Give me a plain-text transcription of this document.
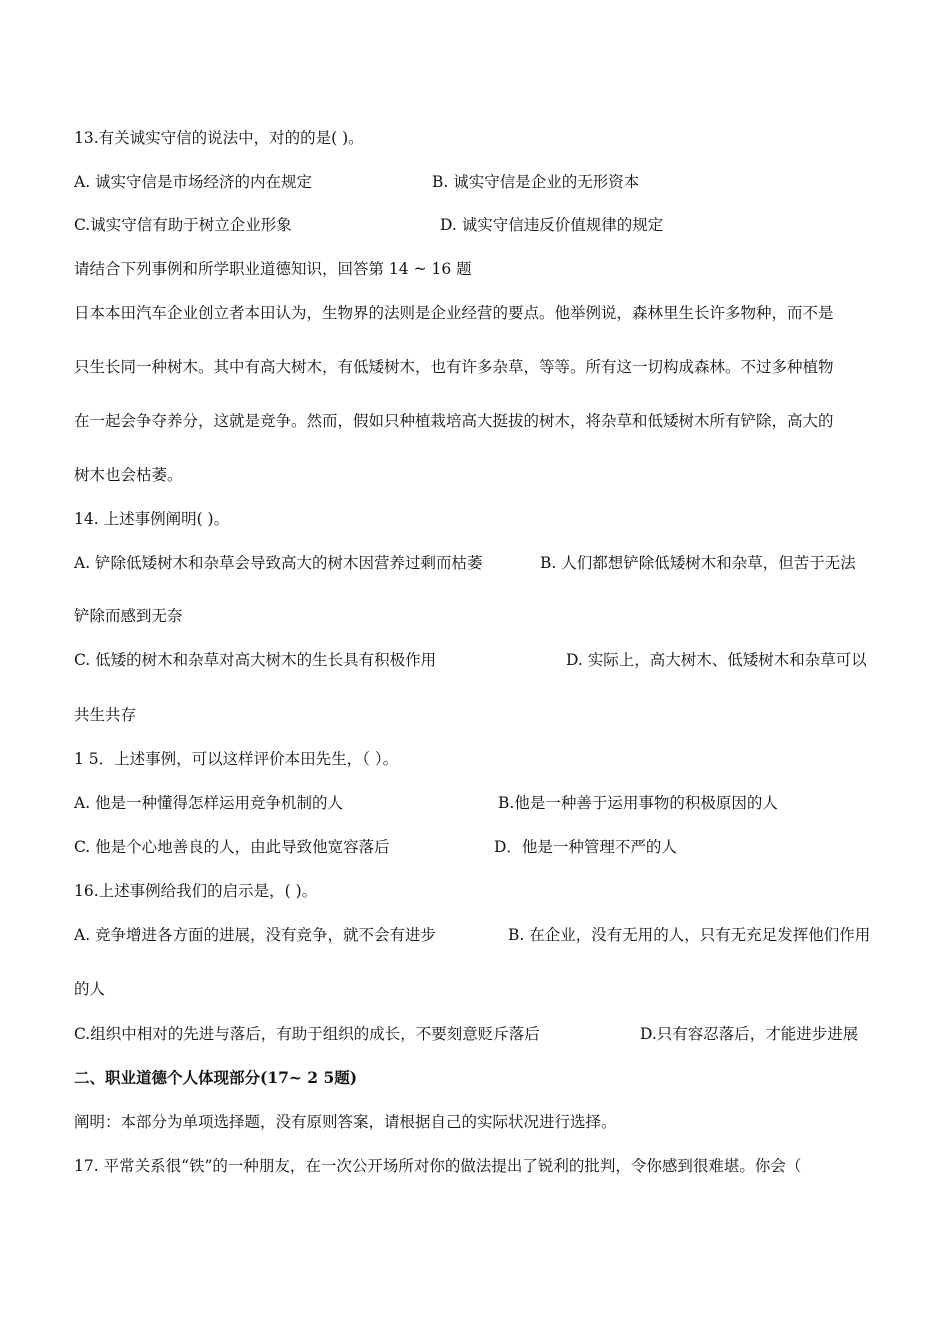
13.有关诚实守信的说法中，对的的是( )。
A. 诚实守信是市场经济的内在规定	B. 诚实守信是企业的无形资本
C.诚实守信有助于树立企业形象	D. 诚实守信违反价值规律的规定
请结合下列事例和所学职业道德知识，回答第 14 ~ 16 题
日本本田汽车企业创立者本田认为，生物界的法则是企业经营的要点。他举例说，森林里生长许多物种，而不是
只生长同一种树木。其中有高大树木，有低矮树木，也有许多杂草，等等。所有这一切构成森林。不过多种植物
在一起会争夺养分，这就是竞争。然而，假如只种植栽培高大挺拔的树木，将杂草和低矮树木所有铲除，高大的
树木也会枯萎。
14. 上述事例阐明( )。
A. 铲除低矮树木和杂草会导致高大的树木因营养过剩而枯萎	B. 人们都想铲除低矮树木和杂草，但苦于无法
铲除而感到无奈
C. 低矮的树木和杂草对高大树木的生长具有积极作用	D. 实际上，高大树木、低矮树木和杂草可以
共生共存
1 5．上述事例，可以这样评价本田先生，（ ）。
A. 他是一种懂得怎样运用竞争机制的人	B.他是一种善于运用事物的积极原因的人
C. 他是个心地善良的人，由此导致他宽容落后	D．他是一种管理不严的人
16.上述事例给我们的启示是，( )。
A. 竞争增进各方面的进展，没有竞争，就不会有进步	B. 在企业，没有无用的人，只有无充足发挥他们作用
的人
C.组织中相对的先进与落后，有助于组织的成长，不要刻意贬斥落后	D.只有容忍落后，才能进步进展
二、职业道德个人体现部分(17~ 2 5题)
阐明：本部分为单项选择题，没有原则答案，请根据自己的实际状况进行选择。
17. 平常关系很“铁”的一种朋友，在一次公开场所对你的做法提出了锐利的批判，令你感到很难堪。你会（
